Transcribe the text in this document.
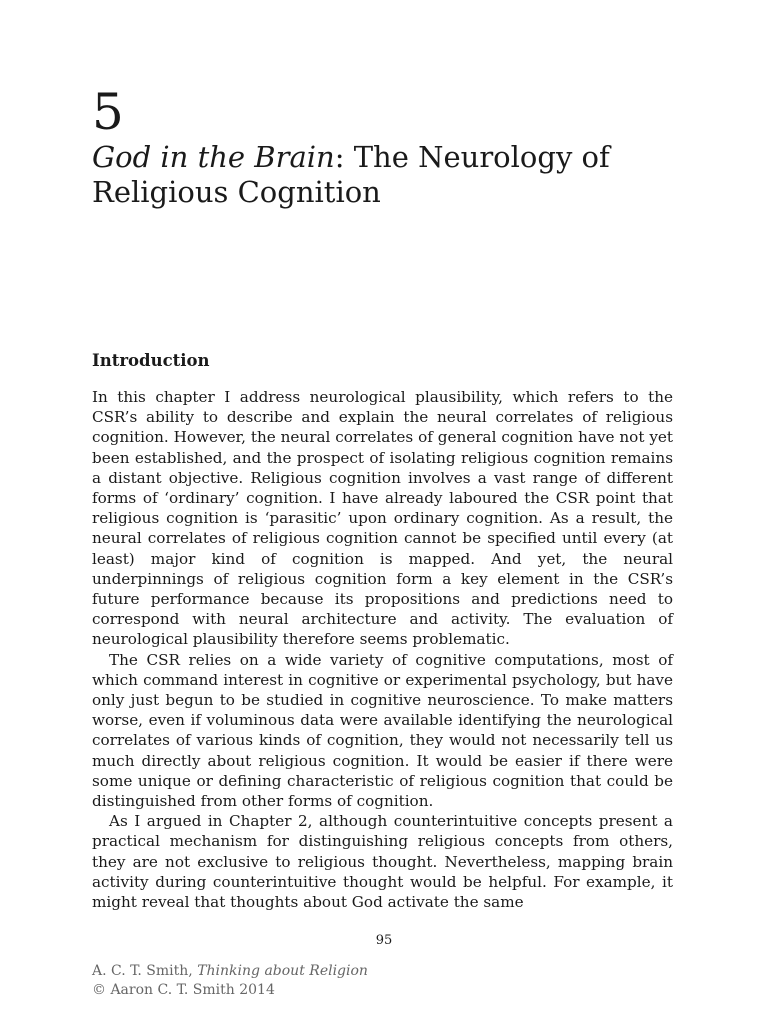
5
God in the Brain: The Neurology of Religious Cognition
Introduction

In this chapter I address neurological plausibility, which refers to the CSR’s ability to describe and explain the neural correlates of religious cognition. However, the neural correlates of general cognition have not yet been established, and the prospect of isolating religious cognition remains a distant objective. Religious cognition involves a vast range of different forms of ‘ordinary’ cognition. I have already laboured the CSR point that religious cognition is ‘parasitic’ upon ordinary cognition. As a result, the neural correlates of religious cognition cannot be specified until every (at least) major kind of cognition is mapped. And yet, the neural underpinnings of religious cognition form a key element in the CSR’s future performance because its propositions and predictions need to correspond with neural architecture and activity. The evaluation of neurological plausibility therefore seems problematic.

The CSR relies on a wide variety of cognitive computations, most of which command interest in cognitive or experimental psychology, but have only just begun to be studied in cognitive neuroscience. To make matters worse, even if voluminous data were available identifying the neurological correlates of various kinds of cognition, they would not necessarily tell us much directly about religious cognition. It would be easier if there were some unique or defining characteristic of religious cognition that could be distinguished from other forms of cognition.

As I argued in Chapter 2, although counterintuitive concepts present a practical mechanism for distinguishing religious concepts from others, they are not exclusive to religious thought. Nevertheless, mapping brain activity during counterintuitive thought would be helpful. For example, it might reveal that thoughts about God activate the same

95
A. C. T. Smith, Thinking about Religion
© Aaron C. T. Smith 2014
